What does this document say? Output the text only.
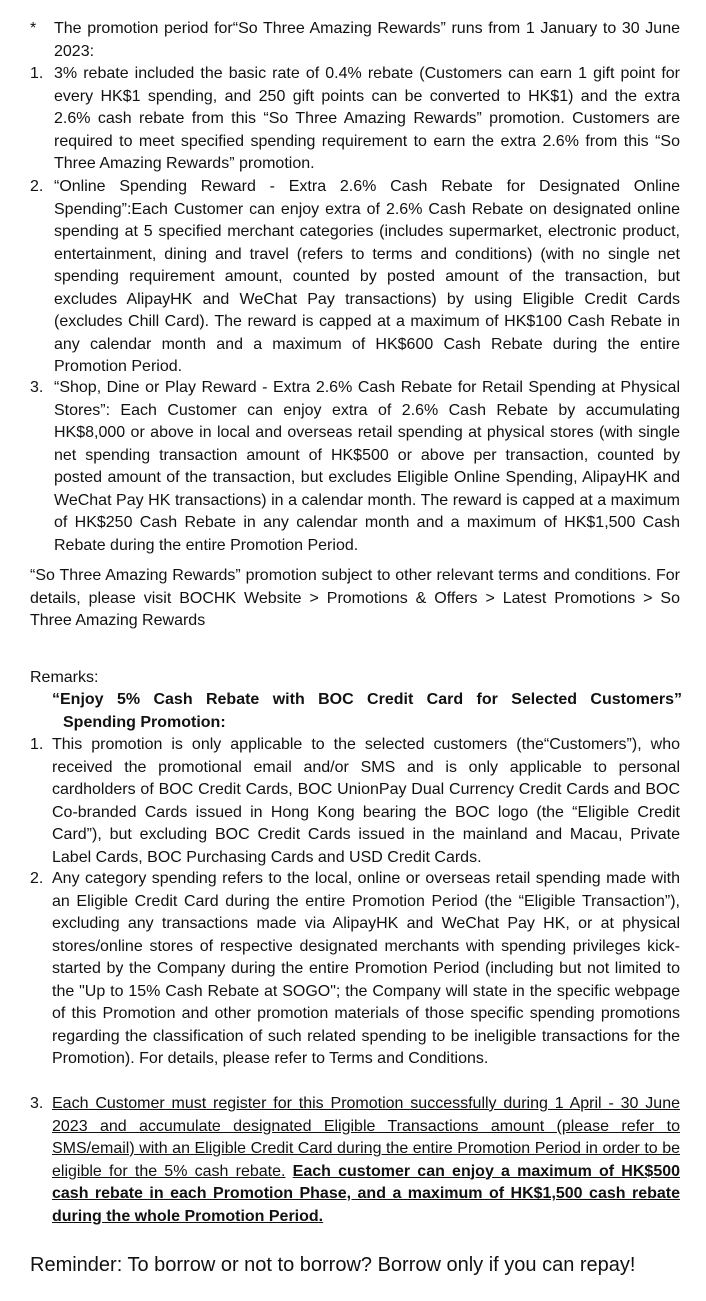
*	The promotion period for“So Three Amazing Rewards” runs from 1 January to 30 June 2023:
1. 3% rebate included the basic rate of 0.4% rebate (Customers can earn 1 gift point for every HK$1 spending, and 250 gift points can be converted to HK$1) and the extra 2.6% cash rebate from this “So Three Amazing Rewards” promotion. Customers are required to meet specified spending requirement to earn the extra 2.6% from this “So Three Amazing Rewards” promotion.
2. “Online Spending Reward - Extra 2.6% Cash Rebate for Designated Online Spending”:Each Customer can enjoy extra of 2.6% Cash Rebate on designated online spending at 5 specified merchant categories (includes supermarket, electronic product, entertainment, dining and travel (refers to terms and conditions) (with no single net spending requirement amount, counted by posted amount of the transaction, but excludes AlipayHK and WeChat Pay transactions) by using Eligible Credit Cards (excludes Chill Card). The reward is capped at a maximum of HK$100 Cash Rebate in any calendar month and a maximum of HK$600 Cash Rebate during the entire Promotion Period.
3. “Shop, Dine or Play Reward - Extra 2.6% Cash Rebate for Retail Spending at Physical Stores”: Each Customer can enjoy extra of 2.6% Cash Rebate by accumulating HK$8,000 or above in local and overseas retail spending at physical stores (with single net spending transaction amount of HK$500 or above per transaction, counted by posted amount of the transaction, but excludes Eligible Online Spending, AlipayHK and WeChat Pay HK transactions) in a calendar month. The reward is capped at a maximum of HK$250 Cash Rebate in any calendar month and a maximum of HK$1,500 Cash Rebate during the entire Promotion Period.
“So Three Amazing Rewards” promotion subject to other relevant terms and conditions. For details, please visit BOCHK Website > Promotions & Offers > Latest Promotions > So Three Amazing Rewards
Remarks:
“Enjoy 5% Cash Rebate with BOC Credit Card for Selected Customers”
Spending Promotion:
1. This promotion is only applicable to the selected customers (the“Customers”), who received the promotional email and/or SMS and is only applicable to personal cardholders of BOC Credit Cards, BOC UnionPay Dual Currency Credit Cards and BOC Co-branded Cards issued in Hong Kong bearing the BOC logo (the “Eligible Credit Card”), but excluding BOC Credit Cards issued in the mainland and Macau, Private Label Cards, BOC Purchasing Cards and USD Credit Cards.
2. Any category spending refers to the local, online or overseas retail spending made with an Eligible Credit Card during the entire Promotion Period (the “Eligible Transaction”), excluding any transactions made via AlipayHK and WeChat Pay HK, or at physical stores/online stores of respective designated merchants with spending privileges kick-started by the Company during the entire Promotion Period (including but not limited to the "Up to 15% Cash Rebate at SOGO"; the Company will state in the specific webpage of this Promotion and other promotion materials of those specific spending promotions regarding the classification of such related spending to be ineligible transactions for the Promotion). For details, please refer to Terms and Conditions.
3. Each Customer must register for this Promotion successfully during 1 April - 30 June 2023 and accumulate designated Eligible Transactions amount (please refer to SMS/email) with an Eligible Credit Card during the entire Promotion Period in order to be eligible for the 5% cash rebate. Each customer can enjoy a maximum of HK$500 cash rebate in each Promotion Phase, and a maximum of HK$1,500 cash rebate during the whole Promotion Period.
Reminder: To borrow or not to borrow? Borrow only if you can repay!
